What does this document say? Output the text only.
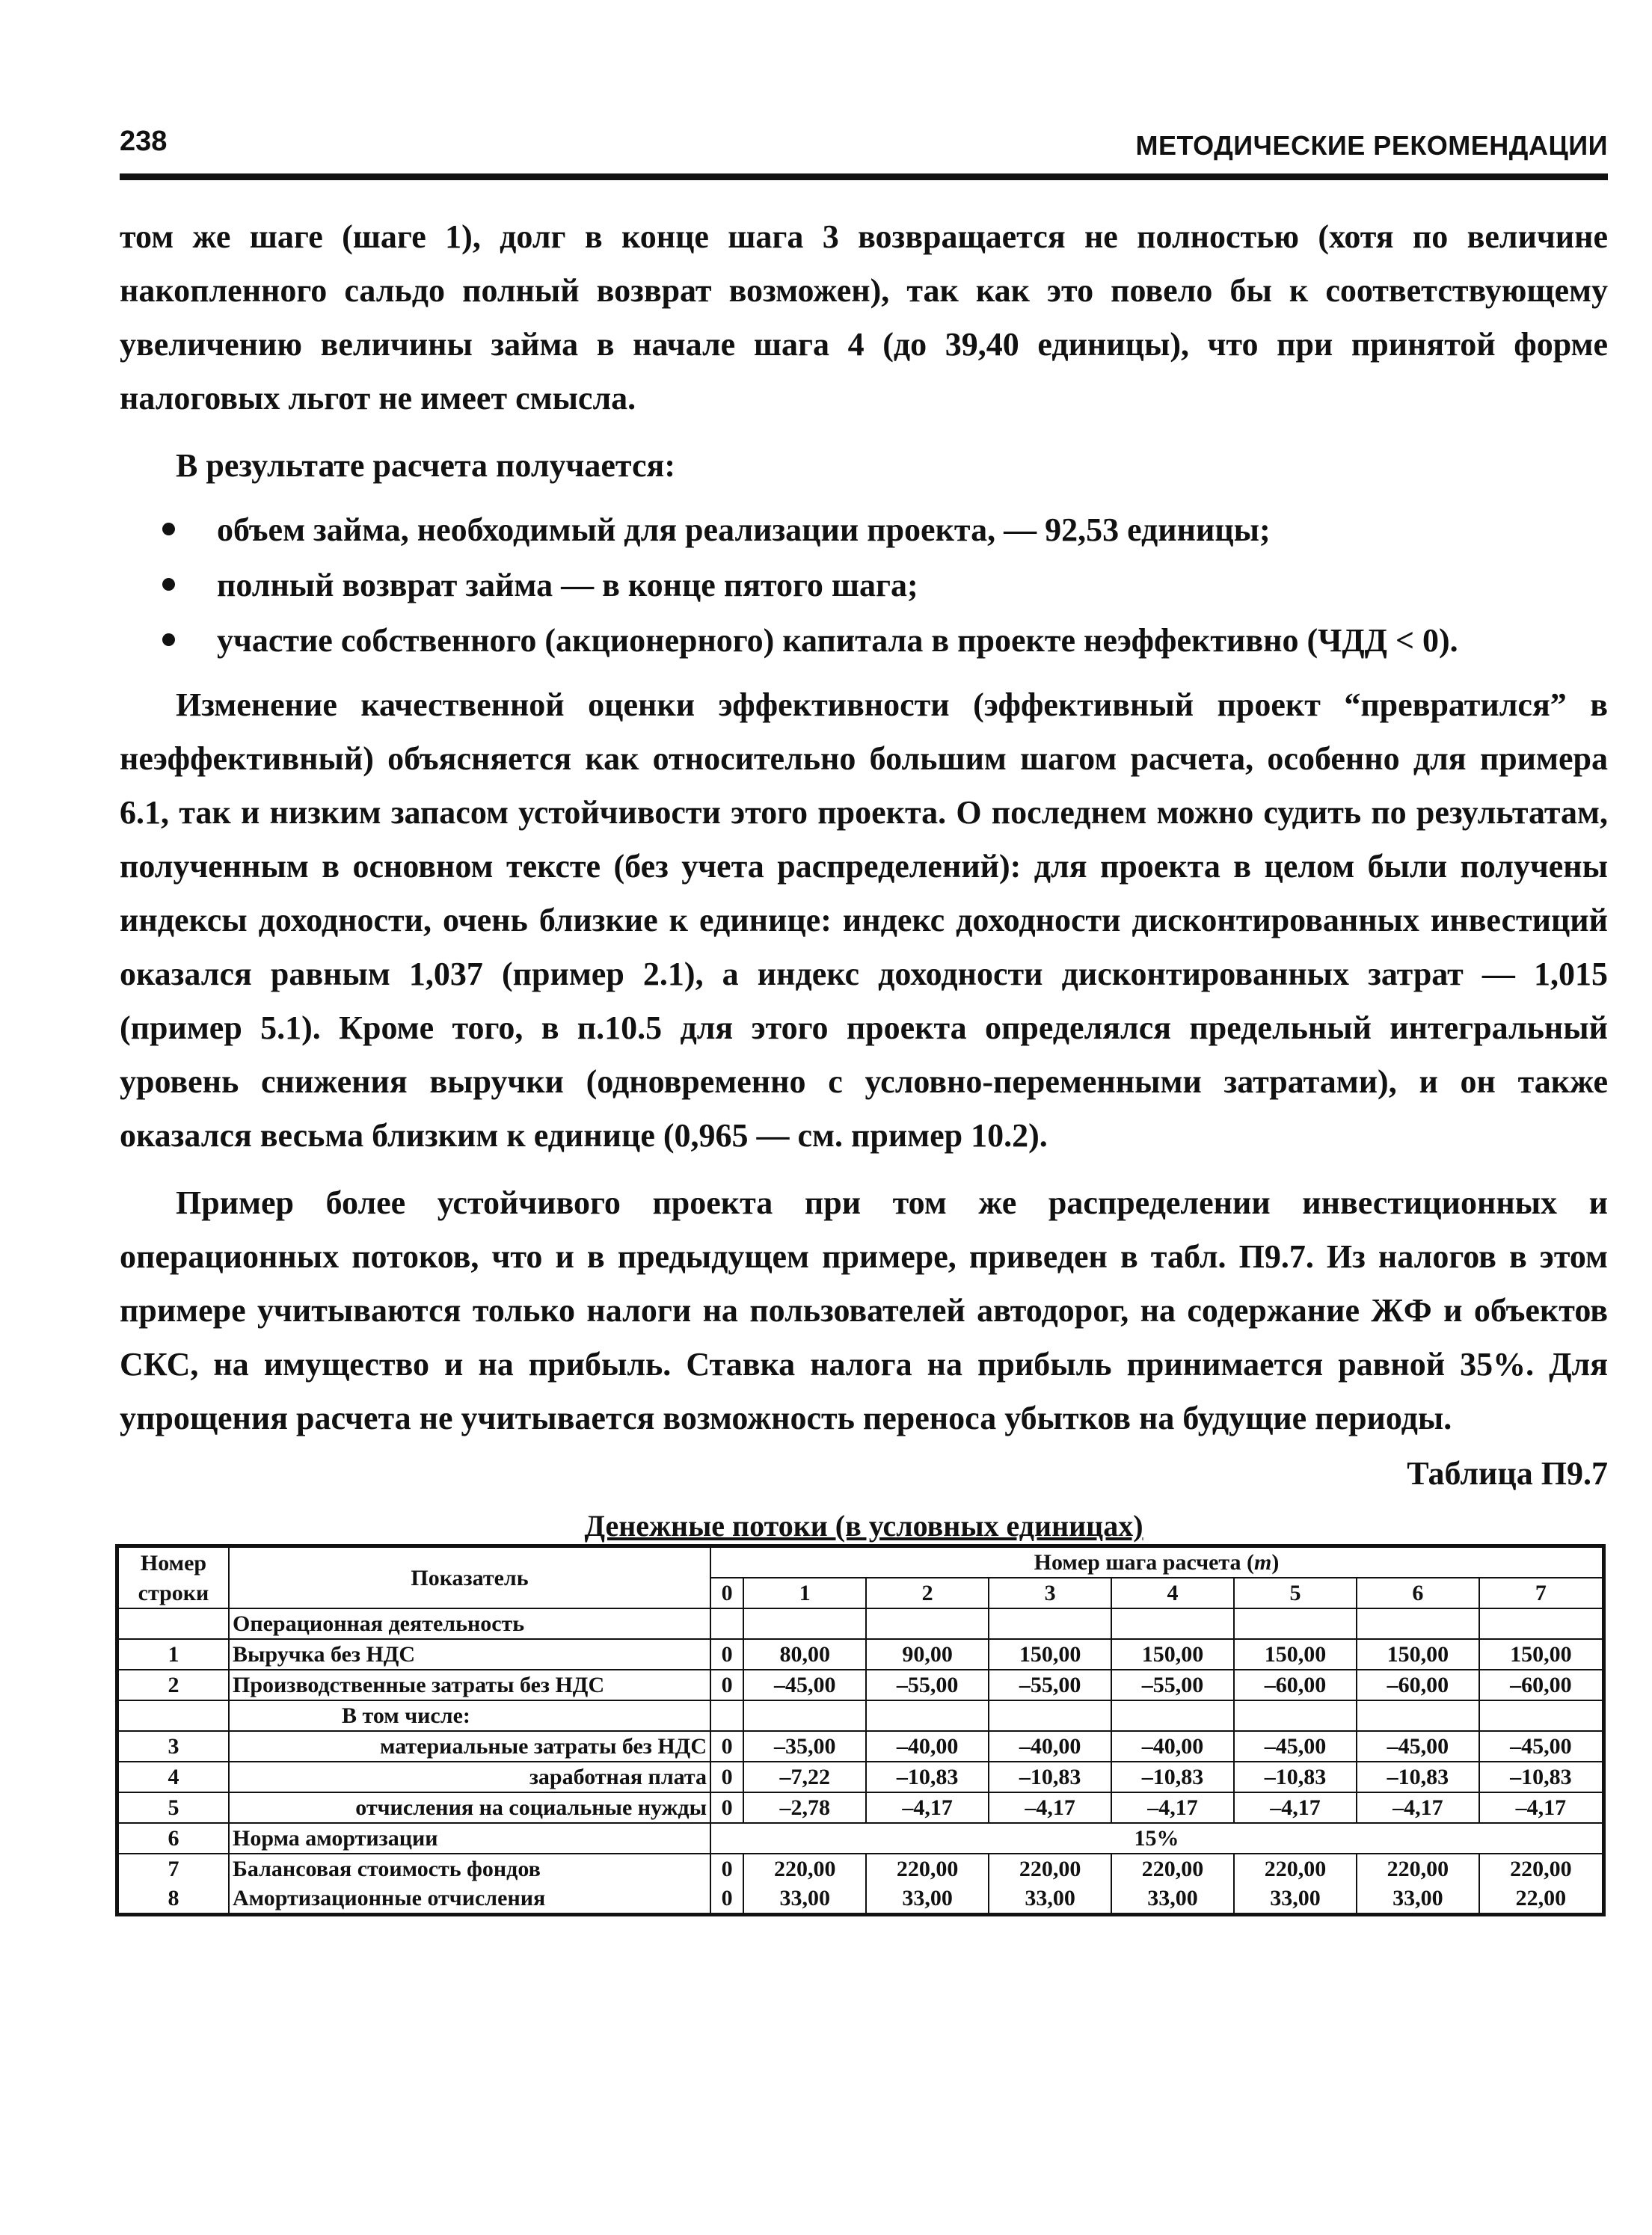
238	МЕТОДИЧЕСКИЕ РЕКОМЕНДАЦИИ

том же шаге (шаге 1), долг в конце шага 3 возвращается не полностью (хотя по величине накопленного сальдо полный возврат возможен), так как это повело бы к соответствующему увеличению величины займа в начале шага 4 (до 39,40 единицы), что при принятой форме налоговых льгот не имеет смысла.

В результате расчета получается:

объем займа, необходимый для реализации проекта, — 92,53 единицы;
полный возврат займа — в конце пятого шага;
участие собственного (акционерного) капитала в проекте неэффективно (ЧДД < 0).

Изменение качественной оценки эффективности (эффективный проект “превратился” в неэффективный) объясняется как относительно большим шагом расчета, особенно для примера 6.1, так и низким запасом устойчивости этого проекта. О последнем можно судить по результатам, полученным в основном тексте (без учета распределений): для проекта в целом были получены индексы доходности, очень близкие к единице: индекс доходности дисконтированных инвестиций оказался равным 1,037 (пример 2.1), а индекс доходности дисконтированных затрат — 1,015 (пример 5.1). Кроме того, в п.10.5 для этого проекта определялся предельный интегральный уровень снижения выручки (одновременно с условно-переменными затратами), и он также оказался весьма близким к единице (0,965 — см. пример 10.2).

Пример более устойчивого проекта при том же распределении инвестиционных и операционных потоков, что и в предыдущем примере, приведен в табл. П9.7. Из налогов в этом примере учитываются только налоги на пользователей автодорог, на содержание ЖФ и объектов СКС, на имущество и на прибыль. Ставка налога на прибыль принимается равной 35%. Для упрощения расчета не учитывается возможность переноса убытков на будущие периоды.

Таблица П9.7
Денежные потоки (в условных единицах)
Номер	Показатель	Номер шага расчета (m)							
строки		0	1	2	3	4	5	6	7
	Операционная деятельность								
1	Выручка без НДС	0	80,00	90,00	150,00	150,00	150,00	150,00	150,00
2	Производственные затраты без НДС	0	–45,00	–55,00	–55,00	–55,00	–60,00	–60,00	–60,00
	В том числе:								
3	материальные затраты без НДС	0	–35,00	–40,00	–40,00	–40,00	–45,00	–45,00	–45,00
4	заработная плата	0	–7,22	–10,83	–10,83	–10,83	–10,83	–10,83	–10,83
5	отчисления на социальные нужды	0	–2,78	–4,17	–4,17	–4,17	–4,17	–4,17	–4,17
6	Норма амортизации	15%							
7	Балансовая стоимость фондов	0	220,00	220,00	220,00	220,00	220,00	220,00	220,00
8	Амортизационные отчисления	0	33,00	33,00	33,00	33,00	33,00	33,00	22,00
